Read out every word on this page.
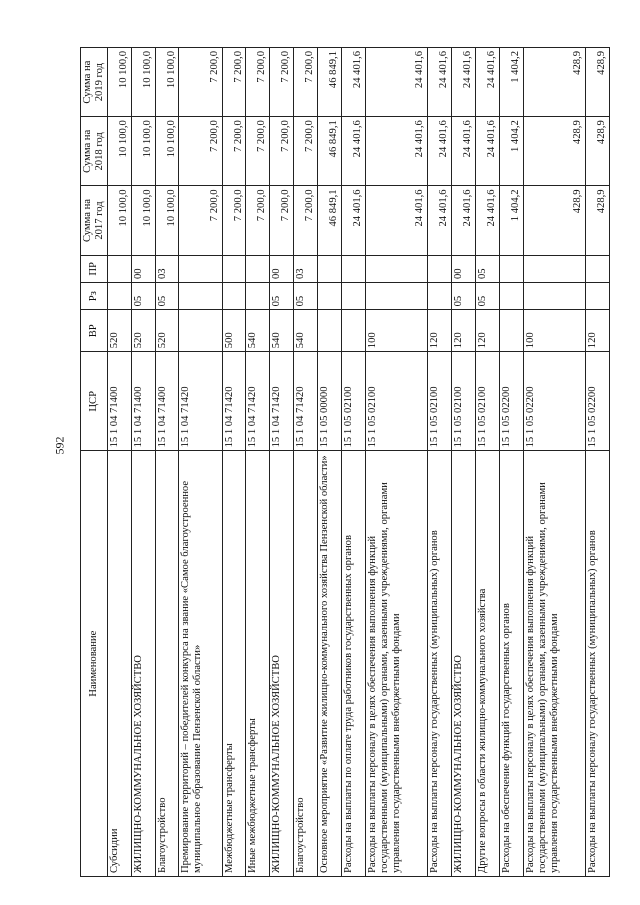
592
Наименование	ЦСР	ВР	Рз	ПР	Сумма на 2017 год	Сумма на 2018 год	Сумма на 2019 год
Субсидии	15 1 04 71400	520			10 100,0	10 100,0	10 100,0
ЖИЛИЩНО-КОММУНАЛЬНОЕ ХОЗЯЙСТВО	15 1 04 71400	520	05	00	10 100,0	10 100,0	10 100,0
Благоустройство	15 1 04 71400	520	05	03	10 100,0	10 100,0	10 100,0
Премирование территорий – победителей конкурса на звание «Самое благоустроенное муниципальное образование Пензенской области»	15 1 04 71420				7 200,0	7 200,0	7 200,0
Межбюджетные трансферты	15 1 04 71420	500			7 200,0	7 200,0	7 200,0
Иные межбюджетные трансферты	15 1 04 71420	540			7 200,0	7 200,0	7 200,0
ЖИЛИЩНО-КОММУНАЛЬНОЕ ХОЗЯЙСТВО	15 1 04 71420	540	05	00	7 200,0	7 200,0	7 200,0
Благоустройство	15 1 04 71420	540	05	03	7 200,0	7 200,0	7 200,0
Основное мероприятие «Развитие жилищно-коммунального хозяйства Пензенской области»	15 1 05 00000				46 849,1	46 849,1	46 849,1
Расходы на выплаты по оплате труда работников государственных органов	15 1 05 02100				24 401,6	24 401,6	24 401,6
Расходы на выплаты персоналу в целях обеспечения выполнения функций государственными (муниципальными) органами, казенными учреждениями, органами управления государственными внебюджетными фондами	15 1 05 02100	100			24 401,6	24 401,6	24 401,6
Расходы на выплаты персоналу государственных (муниципальных) органов	15 1 05 02100	120			24 401,6	24 401,6	24 401,6
ЖИЛИЩНО-КОММУНАЛЬНОЕ ХОЗЯЙСТВО	15 1 05 02100	120	05	00	24 401,6	24 401,6	24 401,6
Другие вопросы в области жилищно-коммунального хозяйства	15 1 05 02100	120	05	05	24 401,6	24 401,6	24 401,6
Расходы на обеспечение функций государственных органов	15 1 05 02200				1 404,2	1 404,2	1 404,2
Расходы на выплаты персоналу в целях обеспечения выполнения функций государственными (муниципальными) органами, казенными учреждениями, органами управления государственными внебюджетными фондами	15 1 05 02200	100			428,9	428,9	428,9
Расходы на выплаты персоналу государственных (муниципальных) органов	15 1 05 02200	120			428,9	428,9	428,9
